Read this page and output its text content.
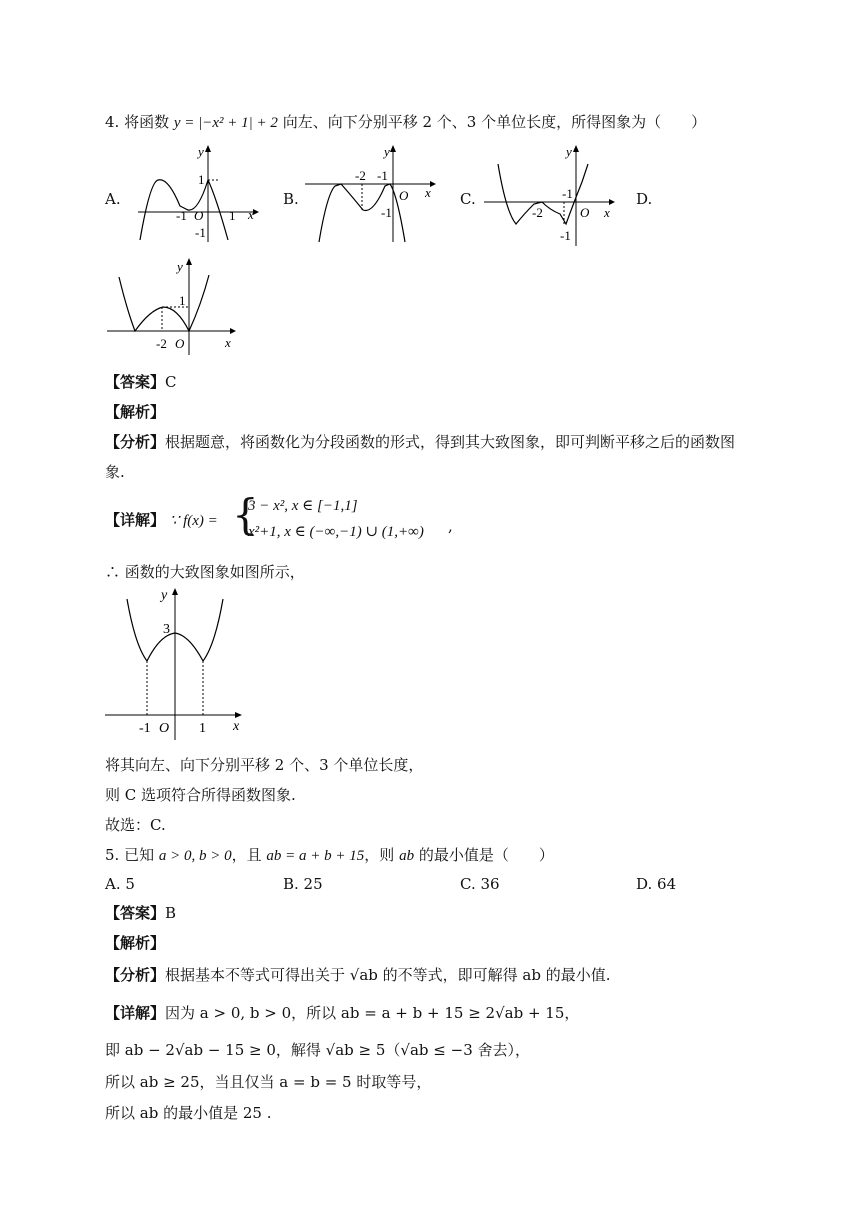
4. 将函数 y = |−x² + 1| + 2 向左、向下分别平移 2 个、3 个单位长度，所得图象为（　　）
A.	B.	C.	D.
y
1
-1 O 1 x
-1
-2 -1
y
O x
-1
y
-1
-2	O x
-1
y
1
-2 O	x
【答案】C
【解析】
【分析】根据题意，将函数化为分段函数的形式，得到其大致图象，即可判断平移之后的函数图
象.
【详解】 ∵ f(x) = {
3 − x², x ∈ [−1,1]
x²+1, x ∈ (−∞,−1) ∪ (1,+∞) ,
∴ 函数的大致图象如图所示，
y
3
-1 O 1 x
将其向左、向下分别平移 2 个、3 个单位长度，
则 C 选项符合所得函数图象.
故选：C.
5. 已知 a > 0, b > 0，且 ab = a + b + 15，则 ab 的最小值是（　　）
A. 5	B. 25	C. 36	D. 64
【答案】B
【解析】
【分析】根据基本不等式可得出关于 √ab 的不等式，即可解得 ab 的最小值.
【详解】因为 a > 0, b > 0，所以 ab = a + b + 15 ≥ 2√ab + 15，
即 ab − 2√ab − 15 ≥ 0，解得 √ab ≥ 5（√ab ≤ −3 舍去），
所以 ab ≥ 25，当且仅当 a = b = 5 时取等号，
所以 ab 的最小值是 25 .
